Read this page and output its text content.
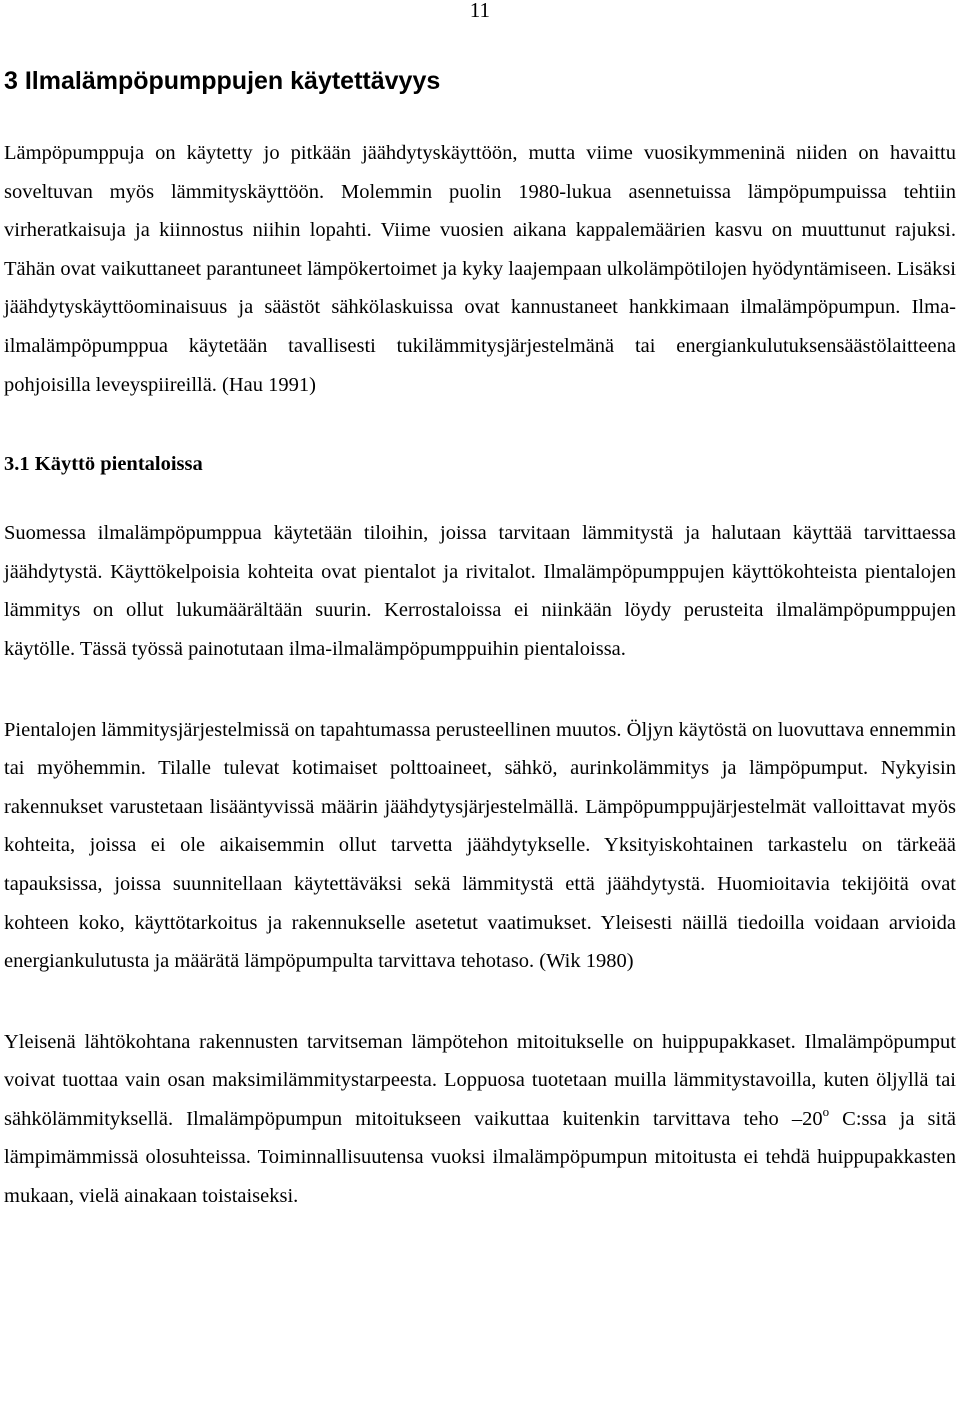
11
3 Ilmalämpöpumppujen käytettävyys

Lämpöpumppuja on käytetty jo pitkään jäähdytyskäyttöön, mutta viime vuosikymmeninä niiden on havaittu soveltuvan myös lämmityskäyttöön. Molemmin puolin 1980-lukua asennetuissa lämpöpumpuissa tehtiin virheratkaisuja ja kiinnostus niihin lopahti. Viime vuosien aikana kappalemäärien kasvu on muuttunut rajuksi. Tähän ovat vaikuttaneet parantuneet lämpökertoimet ja kyky laajempaan ulkolämpötilojen hyödyntämiseen. Lisäksi jäähdytyskäyttöominaisuus ja säästöt sähkölaskuissa ovat kannustaneet hankkimaan ilmalämpöpumpun. Ilma-ilmalämpöpumppua käytetään tavallisesti tukilämmitysjärjestelmänä tai energiankulutuksensäästölaitteena pohjoisilla leveyspiireillä. (Hau 1991)

3.1 Käyttö pientaloissa

Suomessa ilmalämpöpumppua käytetään tiloihin, joissa tarvitaan lämmitystä ja halutaan käyttää tarvittaessa jäähdytystä. Käyttökelpoisia kohteita ovat pientalot ja rivitalot. Ilmalämpöpumppujen käyttökohteista pientalojen lämmitys on ollut lukumäärältään suurin. Kerrostaloissa ei niinkään löydy perusteita ilmalämpöpumppujen käytölle. Tässä työssä painotutaan ilma-ilmalämpöpumppuihin pientaloissa.

Pientalojen lämmitysjärjestelmissä on tapahtumassa perusteellinen muutos. Öljyn käytöstä on luovuttava ennemmin tai myöhemmin. Tilalle tulevat kotimaiset polttoaineet, sähkö, aurinkolämmitys ja lämpöpumput. Nykyisin rakennukset varustetaan lisääntyvissä määrin jäähdytysjärjestelmällä. Lämpöpumppujärjestelmät valloittavat myös kohteita, joissa ei ole aikaisemmin ollut tarvetta jäähdytykselle. Yksityiskohtainen tarkastelu on tärkeää tapauksissa, joissa suunnitellaan käytettäväksi sekä lämmitystä että jäähdytystä. Huomioitavia tekijöitä ovat kohteen koko, käyttötarkoitus ja rakennukselle asetetut vaatimukset. Yleisesti näillä tiedoilla voidaan arvioida energiankulutusta ja määrätä lämpöpumpulta tarvittava tehotaso. (Wik 1980)

Yleisenä lähtökohtana rakennusten tarvitseman lämpötehon mitoitukselle on huippupakkaset. Ilmalämpöpumput voivat tuottaa vain osan maksimilämmitystarpeesta. Loppuosa tuotetaan muilla lämmitystavoilla, kuten öljyllä tai sähkölämmityksellä. Ilmalämpöpumpun mitoitukseen vaikuttaa kuitenkin tarvittava teho –20$^o$ C:ssa ja sitä lämpimämmissä olosuhteissa. Toiminnallisuutensa vuoksi ilmalämpöpumpun mitoitusta ei tehdä huippupakkasten mukaan, vielä ainakaan toistaiseksi.
